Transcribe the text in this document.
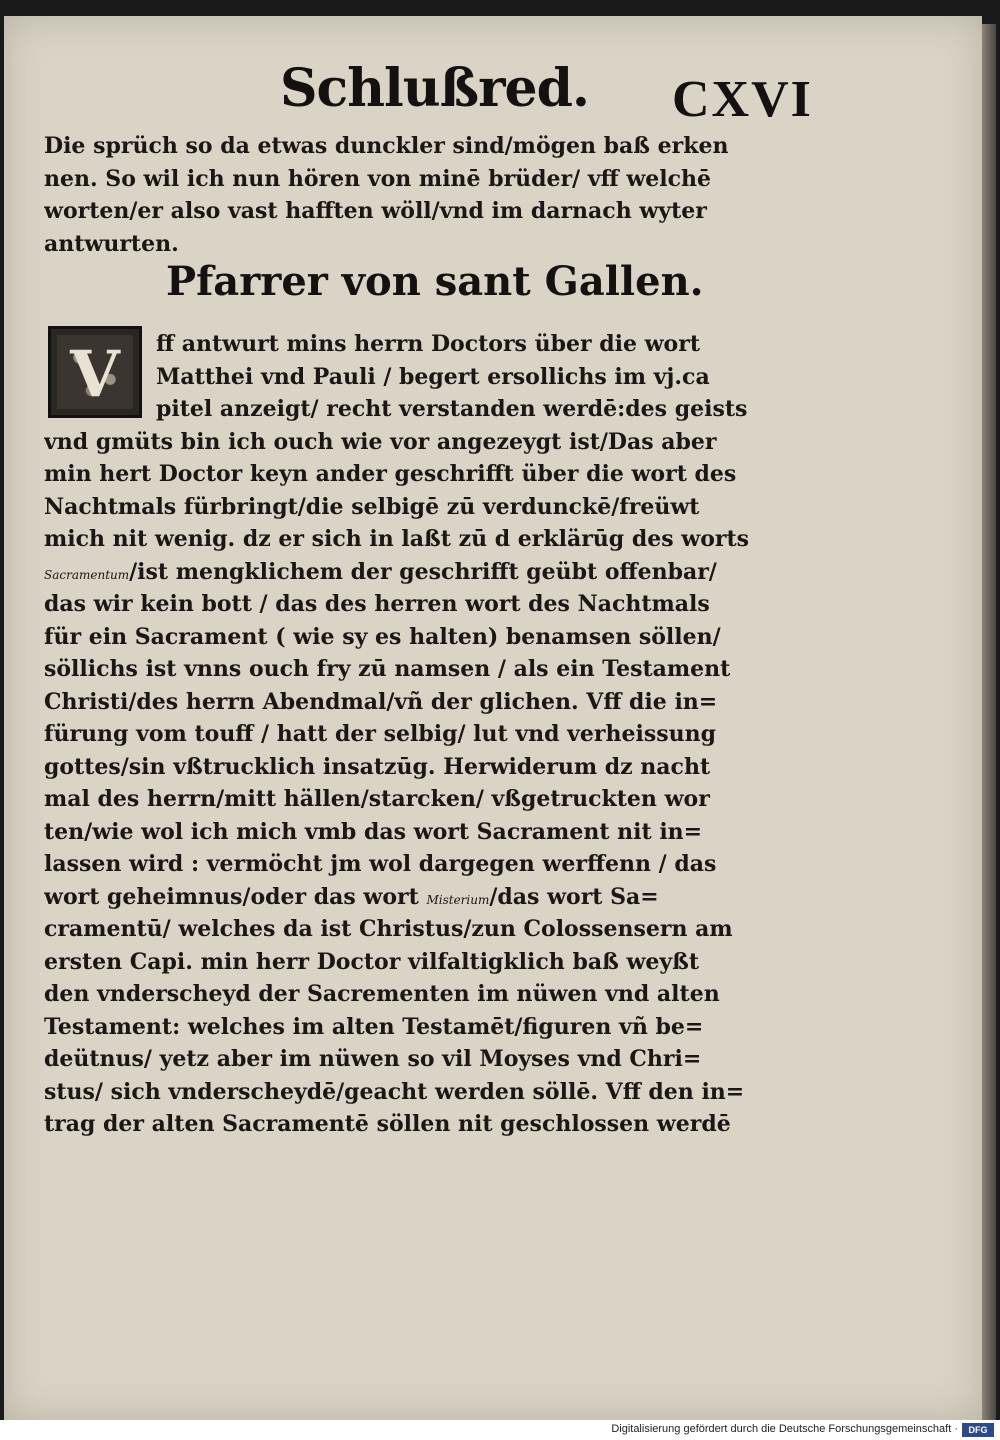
Schlußred. CXVI
Die sprüch so da etwas dunckler sind/mögen baß erken
nen. So wil ich nun hören von minē brüder/ vff welchē
worten/er also vast hafften wöll/vnd im darnach wyter
antwurten.
Pfarrer von sant Gallen.
V	ff antwurt mins herrn Doctors über die wort
Matthei vnd Pauli / begert ersollichs im vj.ca
pitel anzeigt/ recht verstanden werdē:des geists
vnd gmüts bin ich ouch wie vor angezeygt ist/Das aber
min hert Doctor keyn ander geschrifft über die wort des
Nachtmals fürbringt/die selbigē zū verdunckē/freüwt
mich nit wenig. dz er sich in laßt zū d erklärūg des worts
Sacramentum/ist mengklichem der geschrifft geübt offenbar/
das wir kein bott / das des herren wort des Nachtmals
für ein Sacrament ( wie sy es halten) benamsen söllen/
söllichs ist vnns ouch fry zū namsen / als ein Testament
Christi/des herrn Abendmal/vñ der glichen. Vff die in=
fürung vom touff / hatt der selbig/ lut vnd verheissung
gottes/sin vßtrucklich insatzūg. Herwiderum dz nacht
mal des herrn/mitt hällen/starcken/ vßgetruckten wor
ten/wie wol ich mich vmb das wort Sacrament nit in=
lassen wird : vermöcht jm wol dargegen werffenn / das
wort geheimnus/oder das wort Misterium/das wort Sa=
cramentū/ welches da ist Christus/zun Colossensern am
ersten Capi. min herr Doctor vilfaltigklich baß weyßt
den vnderscheyd der Sacrementen im nüwen vnd alten
Testament: welches im alten Testamēt/figuren vñ be=
deütnus/ yetz aber im nüwen so vil Moyses vnd Chri=
stus/ sich vnderscheydē/geacht werden söllē. Vff den in=
trag der alten Sacramentē söllen nit geschlossen werdē
Digitalisierung gefördert durch die Deutsche Forschungsgemeinschaft ·	DFG
